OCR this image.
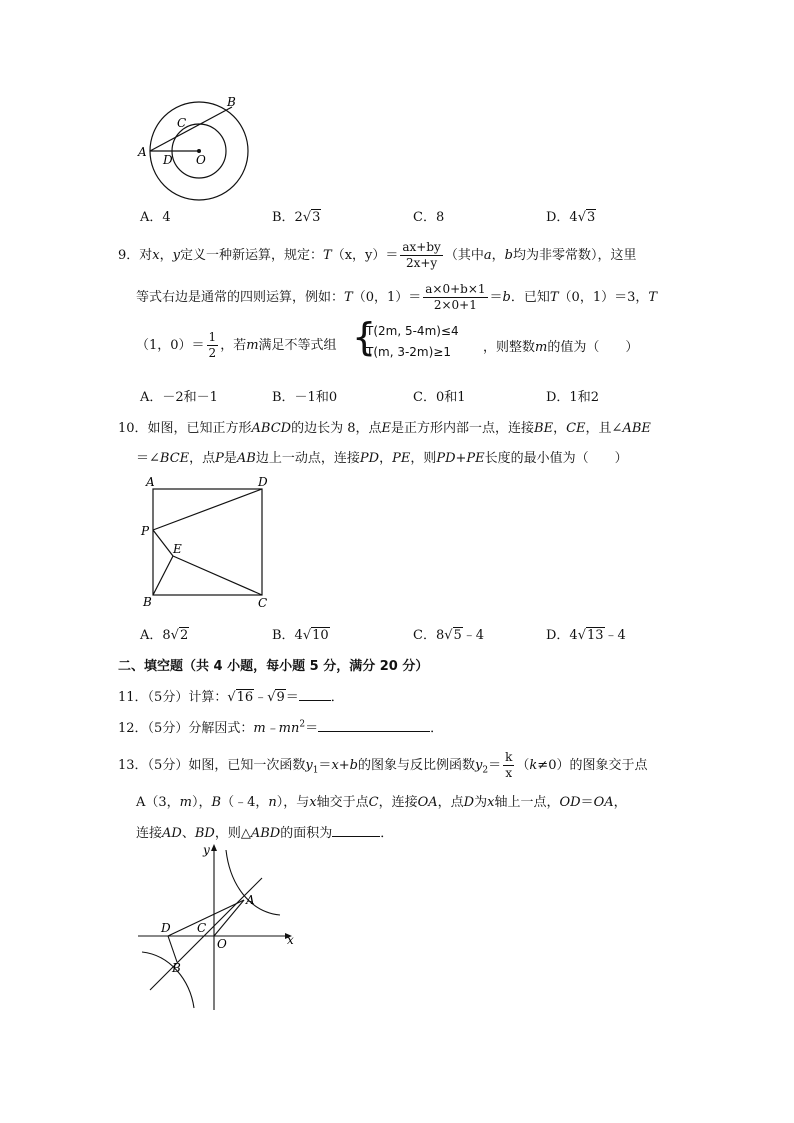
A
B
C
D O
A．4	B．2√3	C．8	D．4√3
9．对x，y定义一种新运算，规定：T（x，$y)= \frac{ax+by}{2x+y}$ （其中a，b均为非零常数），这里
等式右边是通常的四则运算，例如：T（0，$1)= \frac{a\times 0+b\times 1}{2\times 0+1} =b$．已知T（0，1）＝3，T
（1，$0)= \frac{1}{2}$ ，若m满足不等式组 {
T(2m, 5-4m)≤4
T(m, 3-2m)≥1 ，则整数m的值为（　　）
A．－2和－1	B．－1和0	C．0和1	D．1和2
10．如图，已知正方形ABCD的边长为 8，点E是正方形内部一点，连接BE，CE，且∠ABE
＝∠BCE，点P是AB边上一动点，连接PD，PE，则PD+PE长度的最小值为（　　）
A	D
P
E
B	C
A．8√2	B．4√10	C．8√5﹣4	D．4√13﹣4
二、填空题（共 4 小题，每小题 5 分，满分 20 分）
11．（5分）计算：√16﹣√9＝ ．
12．（5分）分解因式：$m﹣mn^2=$	．
13．（5分）如图，已知一次函数$y_1=x+b$的图象与反比例函数$y_2= \frac{k}{x} (k\ne 0)$的图象交于点
A（3，m），B（﹣4，n），与x轴交于点C，连接OA，点D为x轴上一点，OD＝OA，
连接AD、BD，则△ABD的面积为	．
y
x
A
B
C
D
O
